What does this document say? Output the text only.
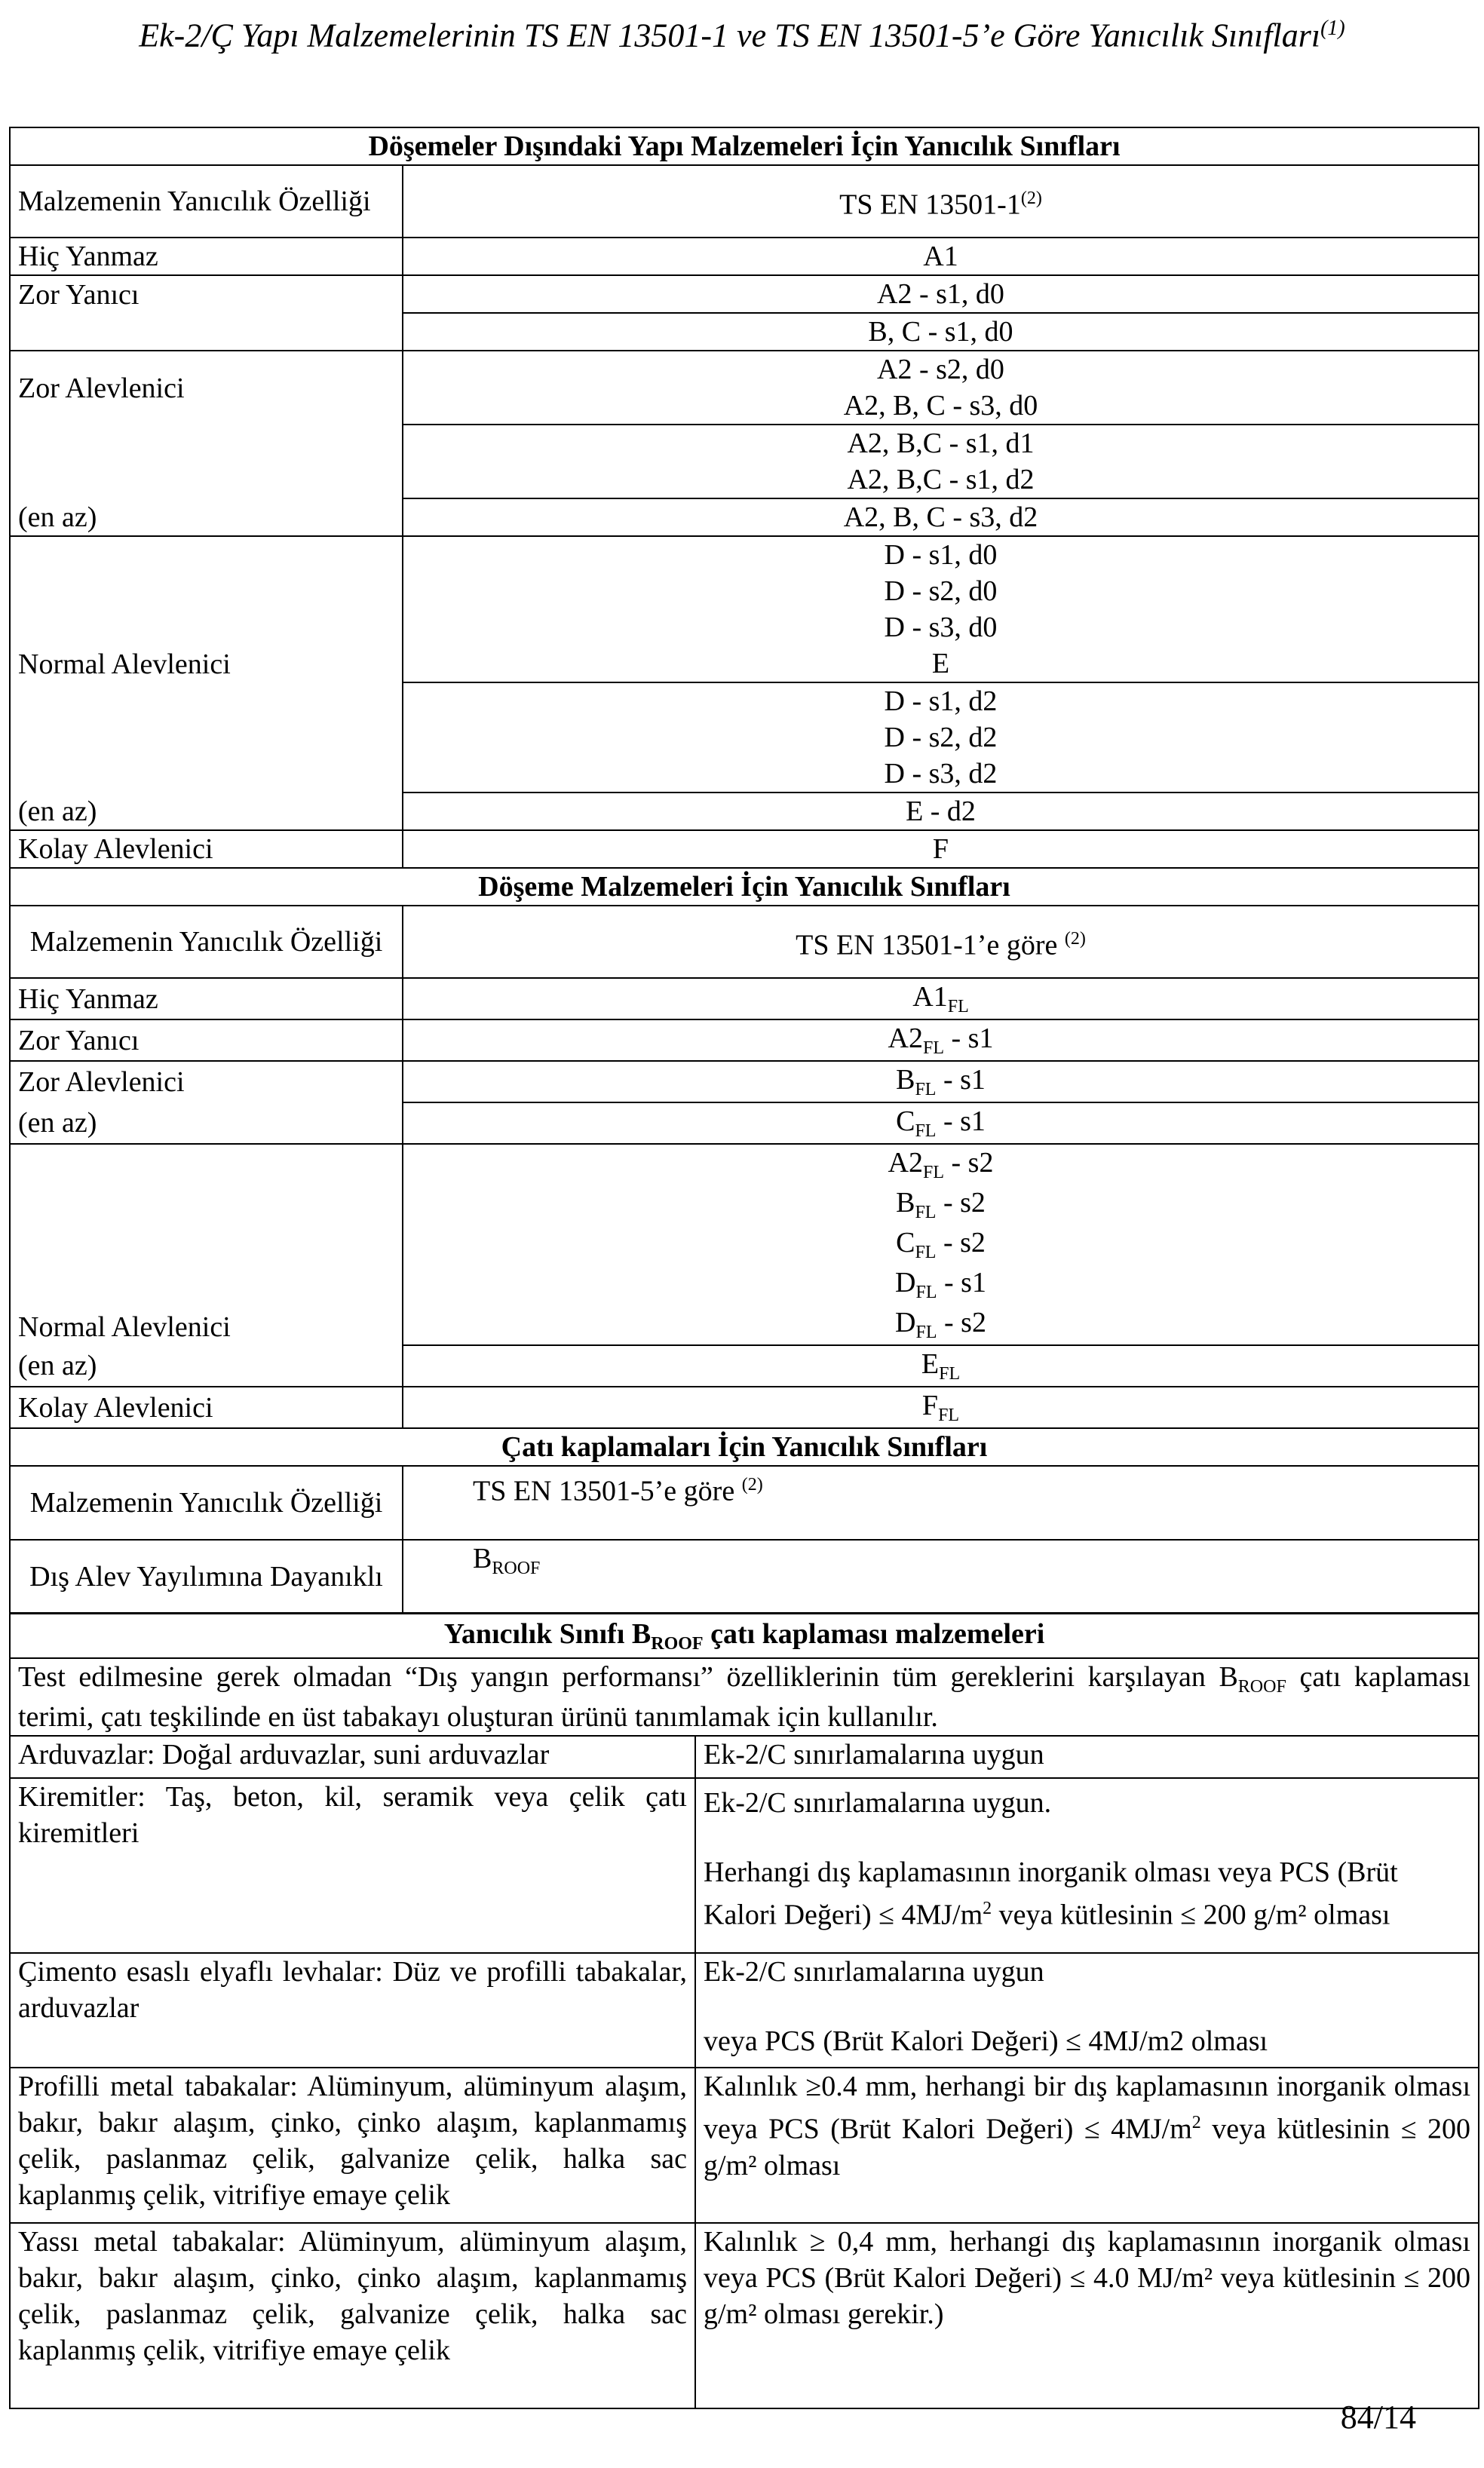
Ek-2/Ç Yapı Malzemelerinin TS EN 13501-1 ve TS EN 13501-5’e Göre Yanıcılık Sınıfları$^{(1)}$
Döşemeler Dışındaki Yapı Malzemeleri İçin Yanıcılık Sınıfları	
Malzemenin Yanıcılık Özelliği	TS EN 13501-1$^{(2)}$
Hiç Yanmaz	A1
Zor Yanıcı	A2 - s1, d0
	B, C - s1, d0
Zor Alevlenici	A2 - s2, d0
A2, B, C - s3, d0

	A2, B,C - s1, d1
A2, B,C - s1, d2

(en az)	A2, B, C - s3, d2
Normal Alevlenici	D - s1, d0
D - s2, d0
D - s3, d0
E

	D - s1, d2
D - s2, d2
D - s3, d2

(en az)	E - d2
Kolay Alevlenici	F
Döşeme Malzemeleri İçin Yanıcılık Sınıfları	
Malzemenin Yanıcılık Özelliği	TS EN 13501-1’e göre $^{(2)}$
Hiç Yanmaz	$A1_{FL}$
Zor Yanıcı	$A2_{FL} - s1$
Zor Alevlenici	$B_{FL} - s1$
(en az)	$C_{FL} - s1$
Normal Alevlenici	$A2_{FL} - s2$
$B_{FL} - s2$
$C_{FL} - s2$
$D_{FL} - s1$
$D_{FL} - s2$

(en az)	$E_{FL}$
Kolay Alevlenici	$F_{FL}$
Çatı kaplamaları İçin Yanıcılık Sınıfları	
Malzemenin Yanıcılık Özelliği	TS EN 13501-5’e göre $^{(2)}$
Dış Alev Yayılımına Dayanıklı	$B_{ROOF}$
Yanıcılık Sınıfı $B_{ROOF}$ çatı kaplaması malzemeleri	
Test edilmesine gerek olmadan “Dış yangın performansı” özelliklerinin tüm gereklerini karşılayan $B_{ROOF}$ çatı kaplaması terimi, çatı teşkilinde en üst tabakayı oluşturan ürünü tanımlamak için kullanılır.	
Arduvazlar: Doğal arduvazlar, suni arduvazlar	Ek-2/C sınırlamalarına uygun
Kiremitler: Taş, beton, kil, seramik veya çelik çatı kiremitleri	Ek-2/C sınırlamalarına uygun.
Herhangi dış kaplamasının inorganik olması veya PCS (Brüt Kalori Değeri) ≤ $4MJ/m^2$ veya kütlesinin ≤ 200 g/m² olması

Çimento esaslı elyaflı levhalar: Düz ve profilli tabakalar, arduvazlar	Ek-2/C sınırlamalarına uygun
veya PCS (Brüt Kalori Değeri) ≤ 4MJ/m2 olması

Profilli metal tabakalar: Alüminyum, alüminyum alaşım, bakır, bakır alaşım, çinko, çinko alaşım, kaplanmamış çelik, paslanmaz çelik, galvanize çelik, halka sac kaplanmış çelik, vitrifiye emaye çelik	Kalınlık ≥0.4 mm, herhangi bir dış kaplamasının inorganik olması veya PCS (Brüt Kalori Değeri) ≤ $4MJ/m^2$ veya kütlesinin ≤ 200 g/m² olması
Yassı metal tabakalar: Alüminyum, alüminyum alaşım, bakır, bakır alaşım, çinko, çinko alaşım, kaplanmamış çelik, paslanmaz çelik, galvanize çelik, halka sac kaplanmış çelik, vitrifiye emaye çelik	Kalınlık ≥ 0,4 mm, herhangi dış kaplamasının inorganik olması veya PCS (Brüt Kalori Değeri) ≤ 4.0 MJ/m² veya kütlesinin ≤ 200 g/m² olması gerekir.)
84/14
